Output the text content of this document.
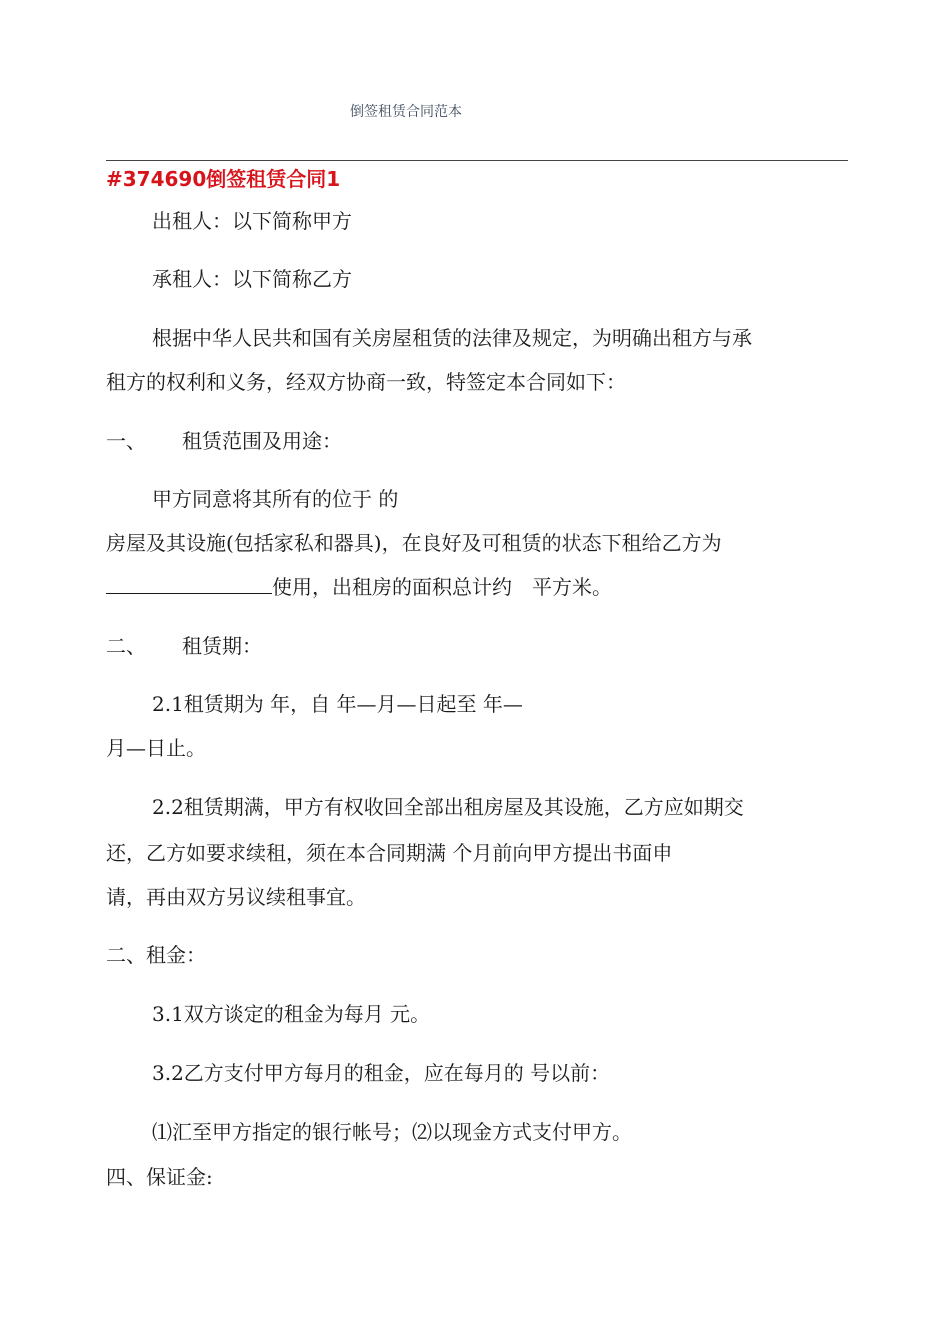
倒签租赁合同范本
#374690倒签租赁合同1
出租人：以下简称甲方
承租人：以下简称乙方
根据中华人民共和国有关房屋租赁的法律及规定，为明确出租方与承
租方的权利和义务，经双方协商一致，特签定本合同如下：
一、 租赁范围及用途：
甲方同意将其所有的位于 的
房屋及其设施(包括家私和器具)，在良好及可租赁的状态下租给乙方为
使用，出租房的面积总计约　平方米。
二、 租赁期：
2.1租赁期为 年，自 年—月—日起至 年—
月—日止。
2.2租赁期满，甲方有权收回全部出租房屋及其设施，乙方应如期交
还，乙方如要求续租，须在本合同期满 个月前向甲方提出书面申
请，再由双方另议续租事宜。
二、租金：
3.1双方谈定的租金为每月 元。
3.2乙方支付甲方每月的租金，应在每月的 号以前：
⑴汇至甲方指定的银行帐号；⑵以现金方式支付甲方。
四、保证金:
